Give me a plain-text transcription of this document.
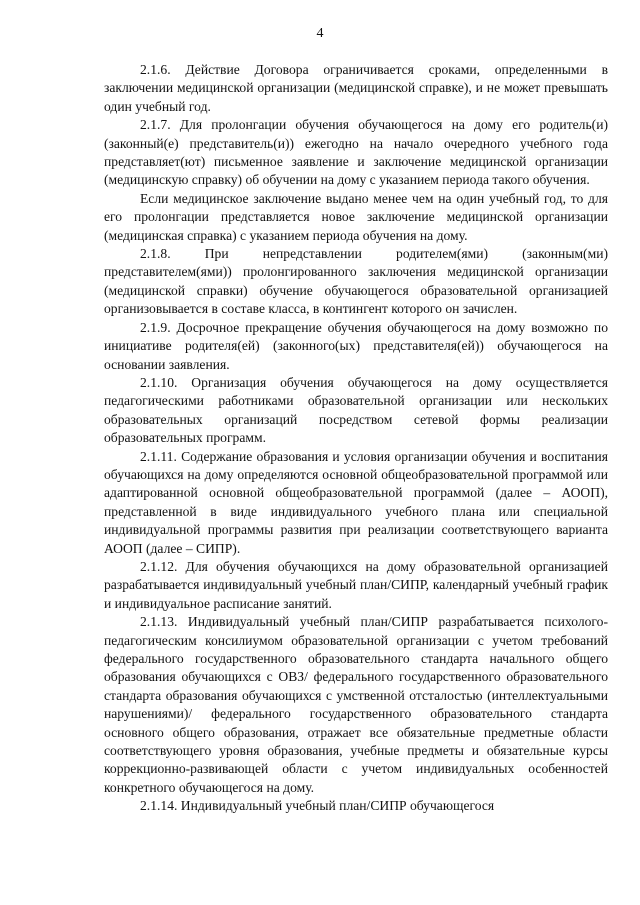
4

2.1.6. Действие Договора ограничивается сроками, определенными в заключении медицинской организации (медицинской справке), и не может превышать один учебный год.

2.1.7. Для пролонгации обучения обучающегося на дому его родитель(и) (законный(е) представитель(и)) ежегодно на начало очередного учебного года представляет(ют) письменное заявление и заключение медицинской организации (медицинскую справку) об обучении на дому с указанием периода такого обучения.

Если медицинское заключение выдано менее чем на один учебный год, то для его пролонгации представляется новое заключение медицинской организации (медицинская справка) с указанием периода обучения на дому.

2.1.8. При непредставлении родителем(ями) (законным(ми) представителем(ями)) пролонгированного заключения медицинской организации (медицинской справки) обучение обучающегося образовательной организацией организовывается в составе класса, в контингент которого он зачислен.

2.1.9. Досрочное прекращение обучения обучающегося на дому возможно по инициативе родителя(ей) (законного(ых) представителя(ей)) обучающегося на основании заявления.

2.1.10. Организация обучения обучающегося на дому осуществляется педагогическими работниками образовательной организации или нескольких образовательных организаций посредством сетевой формы реализации образовательных программ.

2.1.11. Содержание образования и условия организации обучения и воспитания обучающихся на дому определяются основной общеобразовательной программой или адаптированной основной общеобразовательной программой (далее – АООП), представленной в виде индивидуального учебного плана или специальной индивидуальной программы развития при реализации соответствующего варианта АООП (далее – СИПР).

2.1.12. Для обучения обучающихся на дому образовательной организацией разрабатывается индивидуальный учебный план/СИПР, календарный учебный график и индивидуальное расписание занятий.

2.1.13. Индивидуальный учебный план/СИПР разрабатывается психолого-педагогическим консилиумом образовательной организации с учетом требований федерального государственного образовательного стандарта начального общего образования обучающихся с ОВЗ/ федерального государственного образовательного стандарта образования обучающихся с умственной отсталостью (интеллектуальными нарушениями)/ федерального государственного образовательного стандарта основного общего образования, отражает все обязательные предметные области соответствующего уровня образования, учебные предметы и обязательные курсы коррекционно-развивающей области с учетом индивидуальных особенностей конкретного обучающегося на дому.

2.1.14. Индивидуальный учебный план/СИПР обучающегося
